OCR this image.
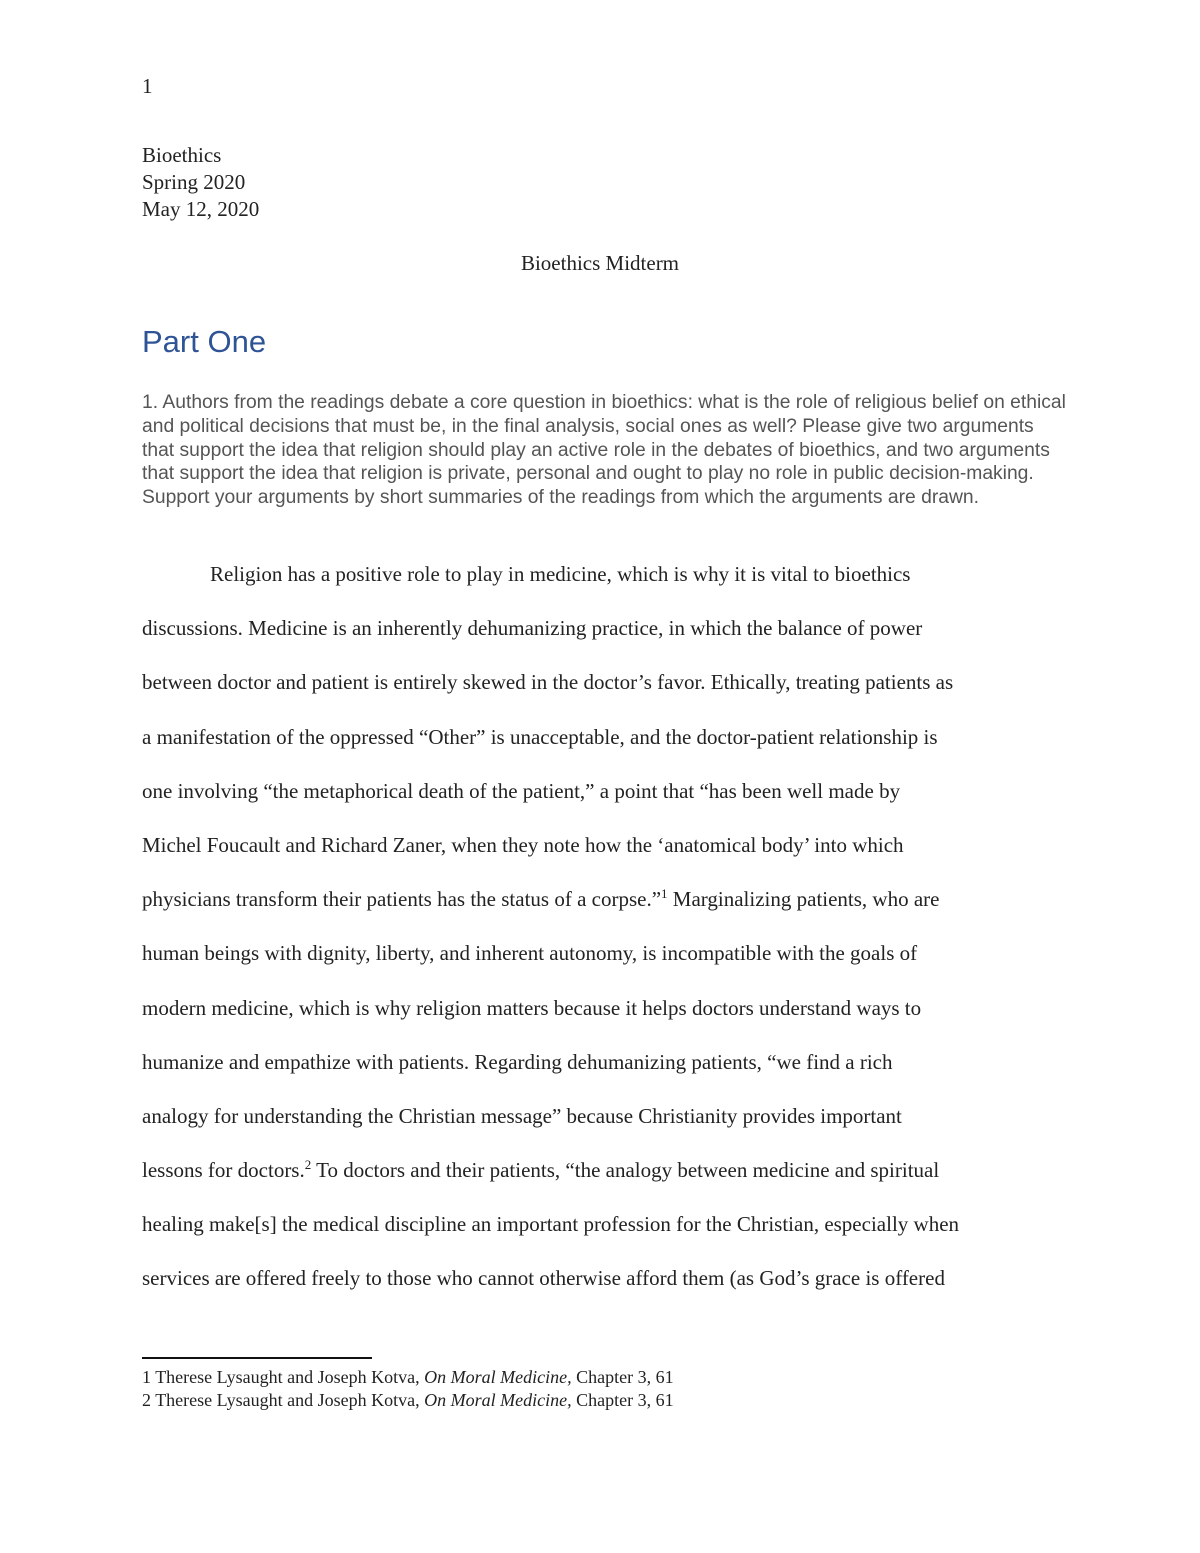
1
Bioethics
Spring 2020
May 12, 2020
Bioethics Midterm
Part One
1. Authors from the readings debate a core question in bioethics: what is the role of religious belief on ethical and political decisions that must be, in the final analysis, social ones as well? Please give two arguments that support the idea that religion should play an active role in the debates of bioethics, and two arguments that support the idea that religion is private, personal and ought to play no role in public decision-making. Support your arguments by short summaries of the readings from which the arguments are drawn.
Religion has a positive role to play in medicine, which is why it is vital to bioethics
discussions. Medicine is an inherently dehumanizing practice, in which the balance of power
between doctor and patient is entirely skewed in the doctor’s favor. Ethically, treating patients as
a manifestation of the oppressed “Other” is unacceptable, and the doctor-patient relationship is
one involving “the metaphorical death of the patient,” a point that “has been well made by
Michel Foucault and Richard Zaner, when they note how the ‘anatomical body’ into which
physicians transform their patients has the status of a corpse.”$^1$ Marginalizing patients, who are
human beings with dignity, liberty, and inherent autonomy, is incompatible with the goals of
modern medicine, which is why religion matters because it helps doctors understand ways to
humanize and empathize with patients. Regarding dehumanizing patients, “we find a rich
analogy for understanding the Christian message” because Christianity provides important
lessons for doctors.$^2$ To doctors and their patients, “the analogy between medicine and spiritual
healing make[s] the medical discipline an important profession for the Christian, especially when
services are offered freely to those who cannot otherwise afford them (as God’s grace is offered
1 Therese Lysaught and Joseph Kotva, On Moral Medicine, Chapter 3, 61
2 Therese Lysaught and Joseph Kotva, On Moral Medicine, Chapter 3, 61
